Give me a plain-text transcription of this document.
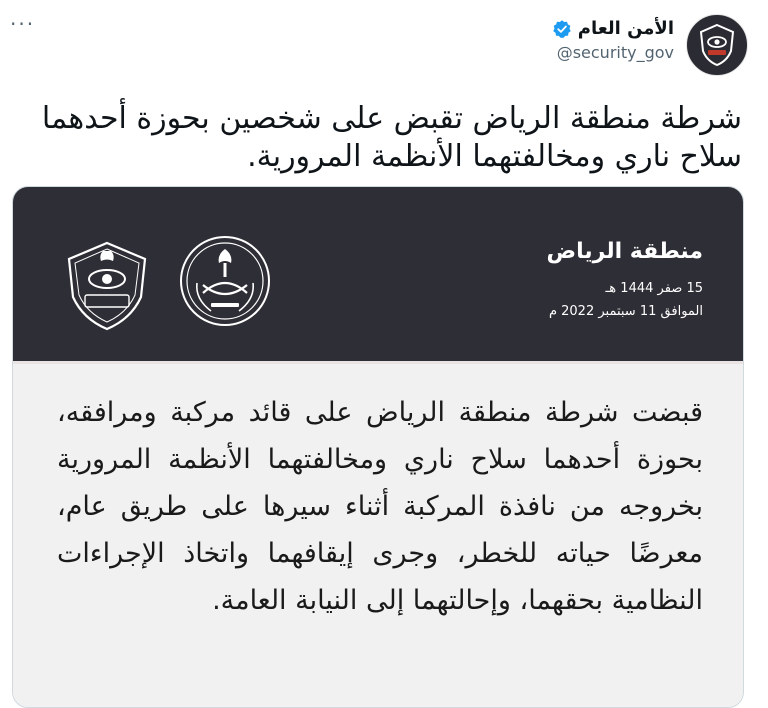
···	الأمن العام
@security_gov
شرطة منطقة الرياض تقبض على شخصين بحوزة أحدهما سلاح ناري ومخالفتهما الأنظمة المرورية.
منطقة الرياض
15 صفر 1444 هـ
الموافق 11 سبتمبر 2022 م
قبضت شرطة منطقة الرياض على قائد مركبة ومرافقه، بحوزة أحدهما سلاح ناري ومخالفتهما الأنظمة المرورية بخروجه من نافذة المركبة أثناء سيرها على طريق عام، معرضًا حياته للخطر، وجرى إيقافهما واتخاذ الإجراءات النظامية بحقهما، وإحالتهما إلى النيابة العامة.
